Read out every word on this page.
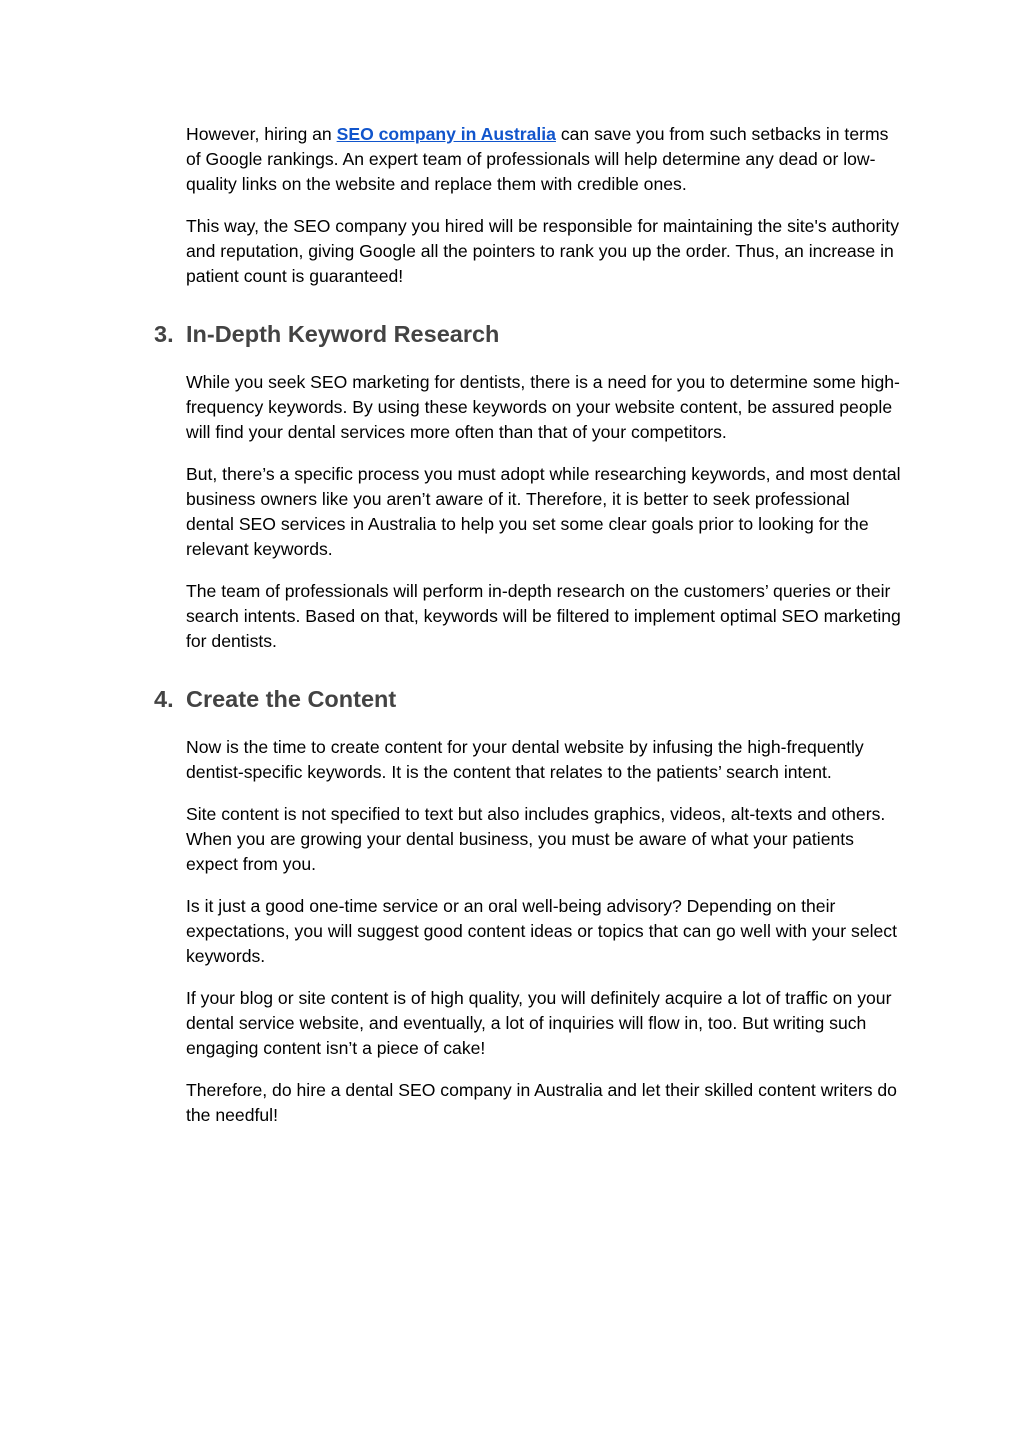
However, hiring an SEO company in Australia can save you from such setbacks in terms of Google rankings. An expert team of professionals will help determine any dead or low-quality links on the website and replace them with credible ones.

This way, the SEO company you hired will be responsible for maintaining the site's authority and reputation, giving Google all the pointers to rank you up the order. Thus, an increase in patient count is guaranteed!

3. In-Depth Keyword Research

While you seek SEO marketing for dentists, there is a need for you to determine some high-frequency keywords. By using these keywords on your website content, be assured people will find your dental services more often than that of your competitors.

But, there’s a specific process you must adopt while researching keywords, and most dental business owners like you aren’t aware of it. Therefore, it is better to seek professional dental SEO services in Australia to help you set some clear goals prior to looking for the relevant keywords.

The team of professionals will perform in-depth research on the customers’ queries or their search intents. Based on that, keywords will be filtered to implement optimal SEO marketing for dentists.

4. Create the Content

Now is the time to create content for your dental website by infusing the high-frequently dentist-specific keywords. It is the content that relates to the patients’ search intent.

Site content is not specified to text but also includes graphics, videos, alt-texts and others. When you are growing your dental business, you must be aware of what your patients expect from you.

Is it just a good one-time service or an oral well-being advisory? Depending on their expectations, you will suggest good content ideas or topics that can go well with your select keywords.

If your blog or site content is of high quality, you will definitely acquire a lot of traffic on your dental service website, and eventually, a lot of inquiries will flow in, too. But writing such engaging content isn’t a piece of cake!

Therefore, do hire a dental SEO company in Australia and let their skilled content writers do the needful!
